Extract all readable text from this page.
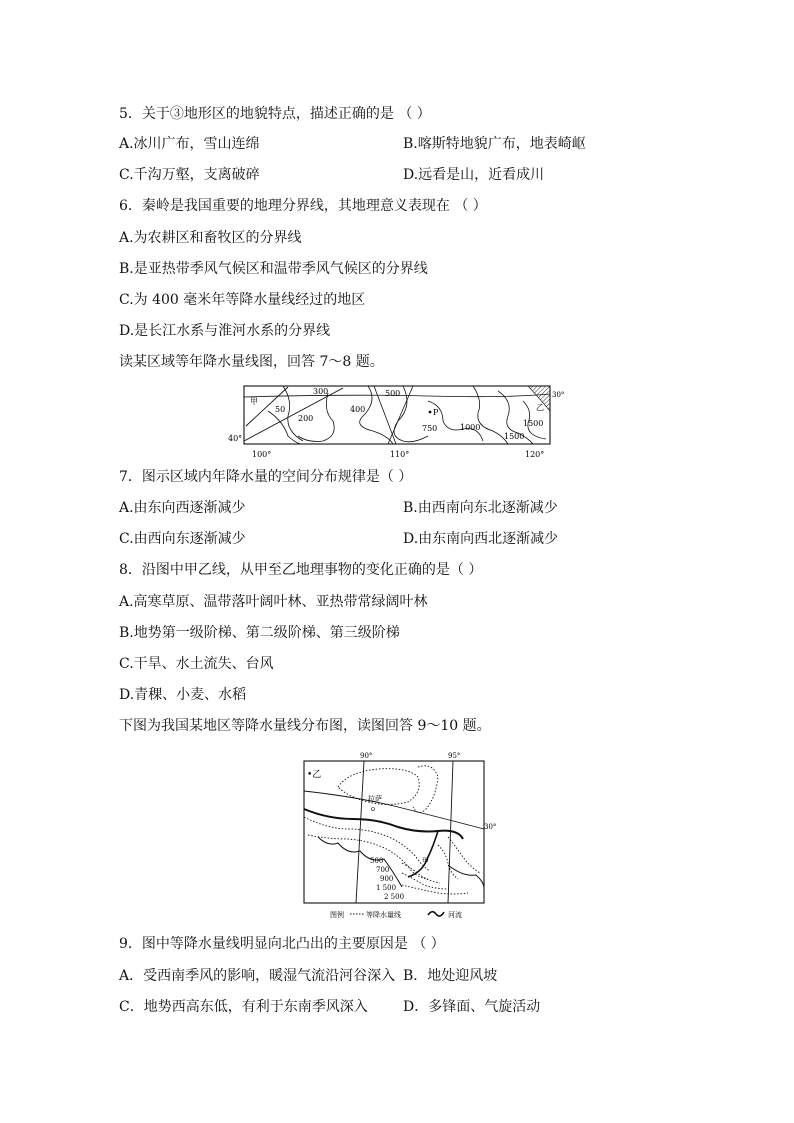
5．关于③地形区的地貌特点，描述正确的是 （ ）
A.冰川广布，雪山连绵	B.喀斯特地貌广布，地表崎岖
C.千沟万壑，支离破碎	D.远看是山，近看成川
6．秦岭是我国重要的地理分界线，其地理意义表现在 （ ）
A.为农耕区和畜牧区的分界线
B.是亚热带季风气候区和温带季风气候区的分界线
C.为 400 毫米年等降水量线经过的地区
D.是长江水系与淮河水系的分界线
读某区域等年降水量线图，回答 7～8 题。
甲
乙
P
300
50
200
400
500
750	1000
1500
1500
30°
40°
100°	110°	120°
7．图示区域内年降水量的空间分布规律是（ ）
A.由东向西逐渐减少	B.由西南向东北逐渐减少
C.由西向东逐渐减少	D.由东南向西北逐渐减少
8．沿图中甲乙线，从甲至乙地理事物的变化正确的是（ ）
A.高寒草原、温带落叶阔叶林、亚热带常绿阔叶林
B.地势第一级阶梯、第二级阶梯、第三级阶梯
C.干旱、水土流失、台风
D.青稞、小麦、水稻
下图为我国某地区等降水量线分布图，读图回答 9～10 题。
•乙
拉萨
甲
500
700
900
1 500
2 500
90°	95°
30°
图例	等降水量线	河流
9．图中等降水量线明显向北凸出的主要原因是 （ ）
A．受西南季风的影响，暖湿气流沿河谷深入 B．地处迎风坡
C．地势西高东低，有利于东南季风深入	D．多锋面、气旋活动
